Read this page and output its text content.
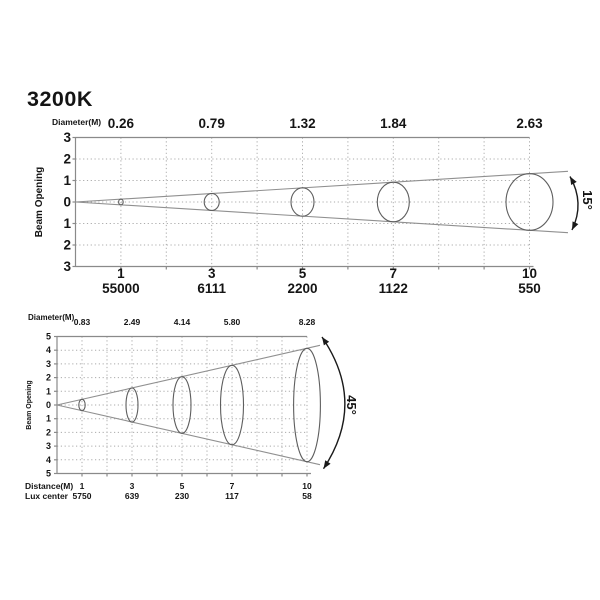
3200K
15°
Diameter(M) 0.26	0.79	1.32	1.84	2.63
3
2
1
0
1
2
3
Beam Opening
1	3	5	7	10
55000	6111	2200	1122	550
45°
Diameter(M) 0.83	2.49	4.14	5.80	8.28
5
4
3
2
1
0
1
2
3
4
5
Beam Opening
Distance(M) 1	3	5	7	10
Lux center 5750	639	230	117	58
